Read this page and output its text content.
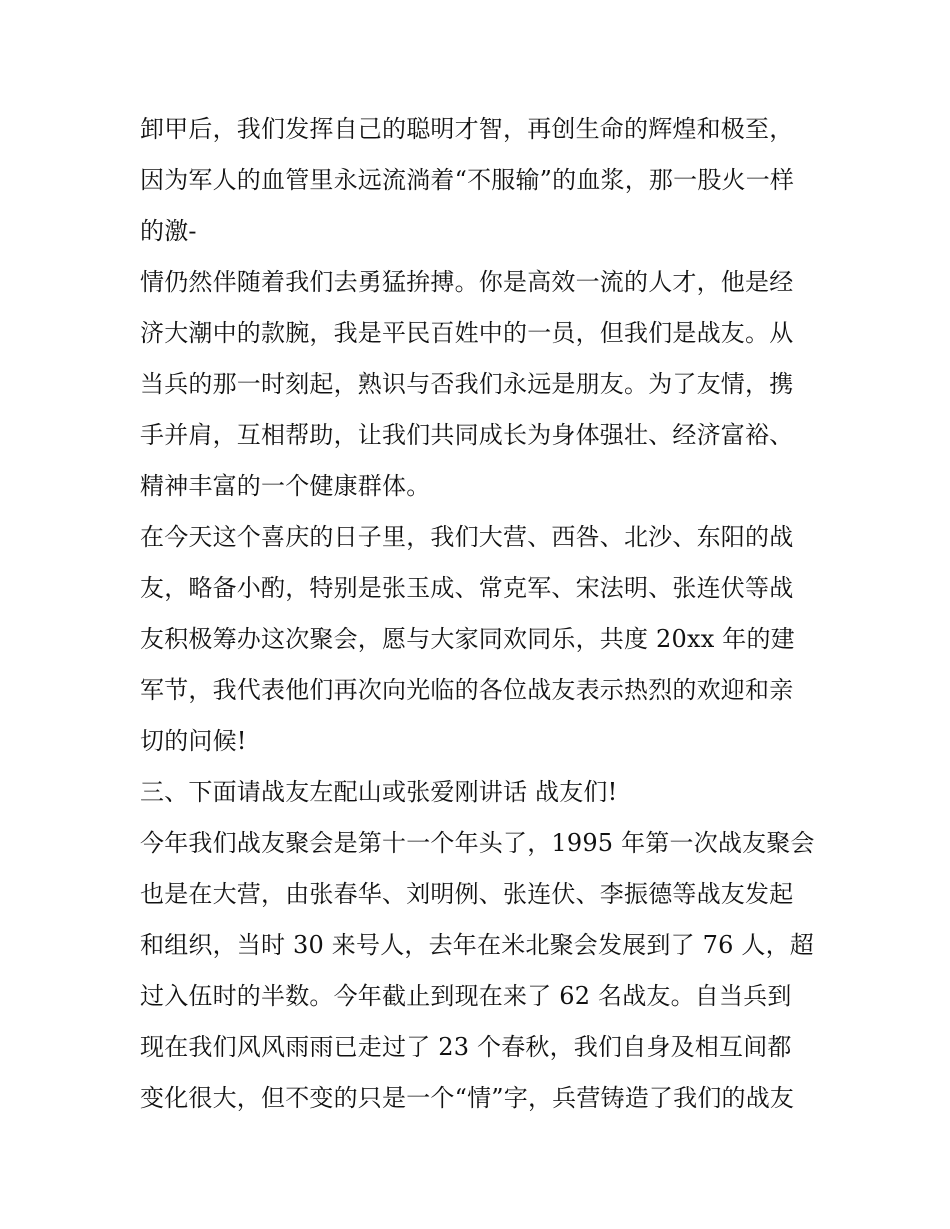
卸甲后，我们发挥自己的聪明才智，再创生命的辉煌和极至，
因为军人的血管里永远流淌着“不服输”的血浆，那一股火一样
的激-
情仍然伴随着我们去勇猛拚搏。你是高效一流的人才，他是经
济大潮中的款腕，我是平民百姓中的一员，但我们是战友。从
当兵的那一时刻起，熟识与否我们永远是朋友。为了友情，携
手并肩，互相帮助，让我们共同成长为身体强壮、经济富裕、
精神丰富的一个健康群体。
在今天这个喜庆的日子里，我们大营、西咎、北沙、东阳的战
友，略备小酌，特别是张玉成、常克军、宋法明、张连伏等战
友积极筹办这次聚会，愿与大家同欢同乐，共度 20xx 年的建
军节，我代表他们再次向光临的各位战友表示热烈的欢迎和亲
切的问候!
三、下面请战友左配山或张爱刚讲话 战友们!
今年我们战友聚会是第十一个年头了，1995 年第一次战友聚会
也是在大营，由张春华、刘明例、张连伏、李振德等战友发起
和组织，当时 30 来号人，去年在米北聚会发展到了 76 人，超
过入伍时的半数。今年截止到现在来了 62 名战友。自当兵到
现在我们风风雨雨已走过了 23 个春秋，我们自身及相互间都
变化很大，但不变的只是一个“情”字，兵营铸造了我们的战友
